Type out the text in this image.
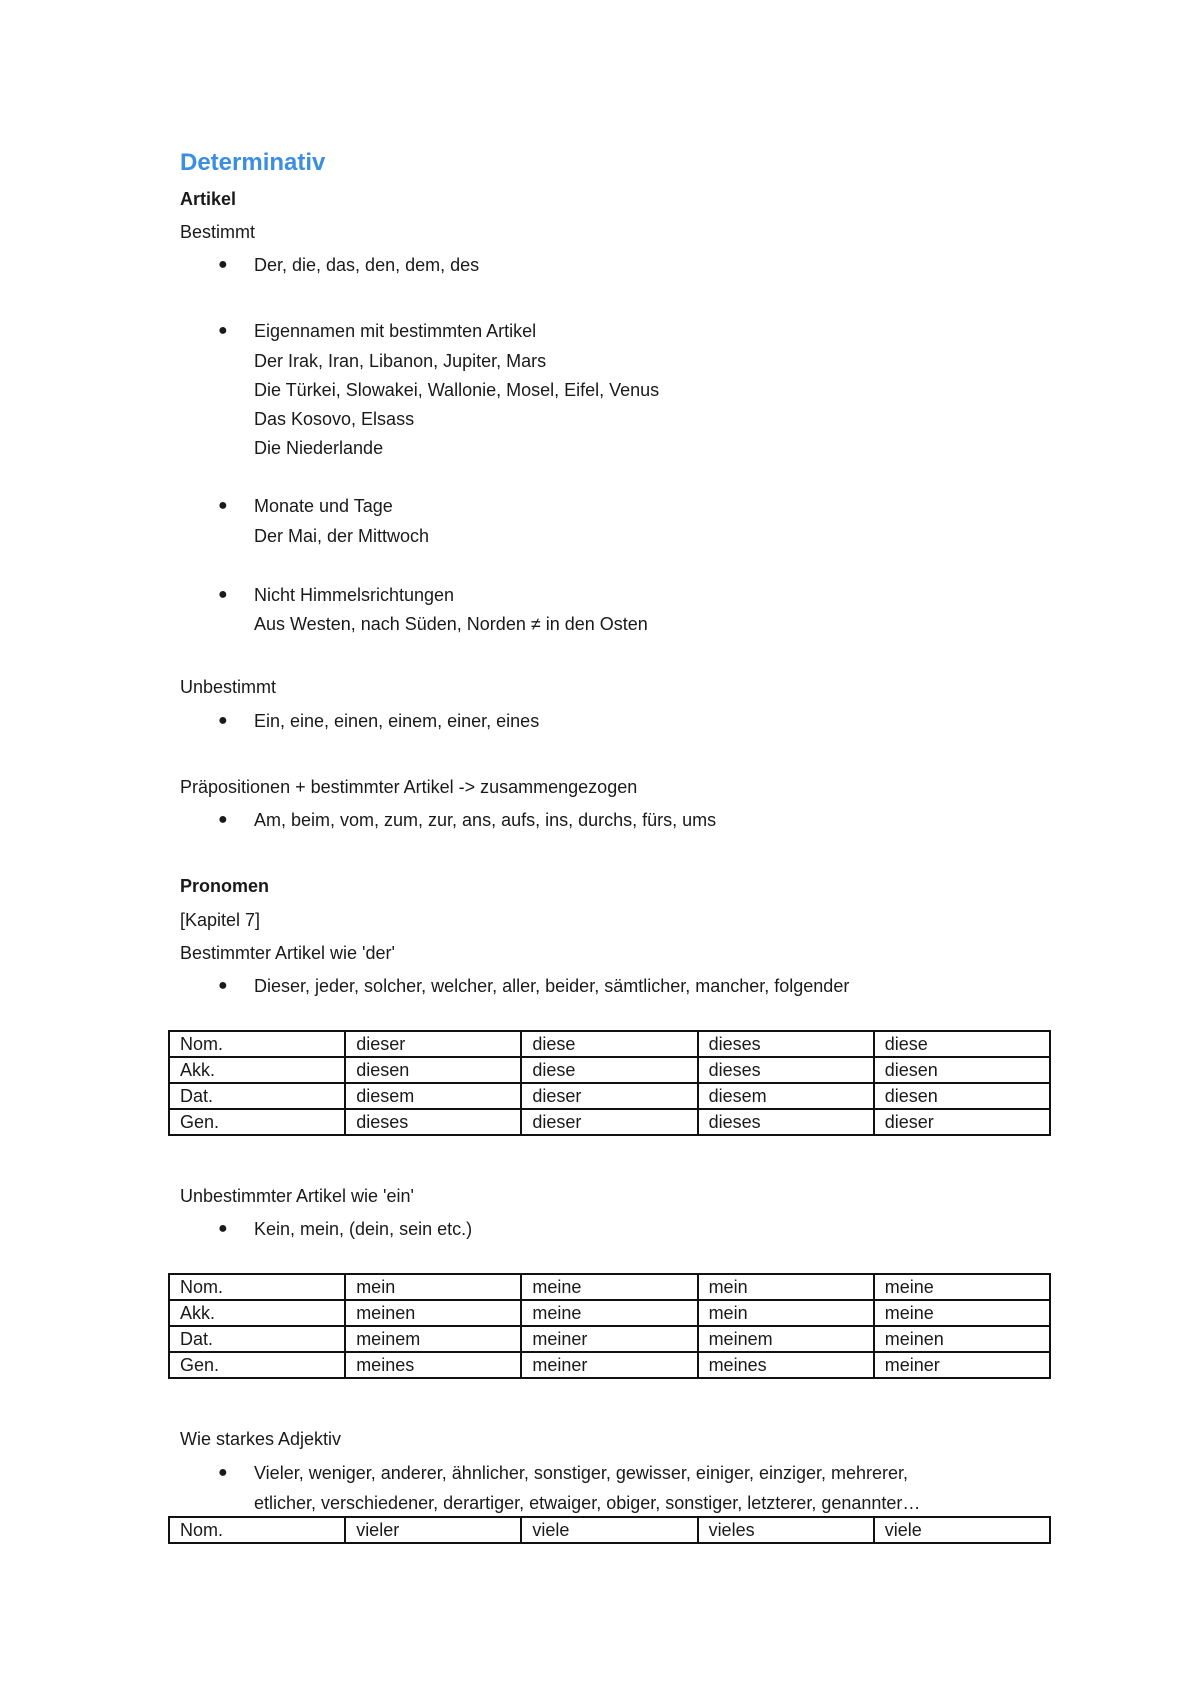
Determinativ
Artikel
Bestimmt
● Der, die, das, den, dem, des
● Eigennamen mit bestimmten Artikel
Der Irak, Iran, Libanon, Jupiter, Mars
Die Türkei, Slowakei, Wallonie, Mosel, Eifel, Venus
Das Kosovo, Elsass
Die Niederlande
● Monate und Tage
Der Mai, der Mittwoch
● Nicht Himmelsrichtungen
Aus Westen, nach Süden, Norden ≠ in den Osten
Unbestimmt
● Ein, eine, einen, einem, einer, eines
Präpositionen + bestimmter Artikel -> zusammengezogen
● Am, beim, vom, zum, zur, ans, aufs, ins, durchs, fürs, ums
Pronomen
[Kapitel 7]
Bestimmter Artikel wie 'der'
● Dieser, jeder, solcher, welcher, aller, beider, sämtlicher, mancher, folgender
Nom.	dieser	diese	dieses	diese
Akk.	diesen	diese	dieses	diesen
Dat.	diesem	dieser	diesem	diesen
Gen.	dieses	dieser	dieses	dieser
Unbestimmter Artikel wie 'ein'
● Kein, mein, (dein, sein etc.)
Nom.	mein	meine	mein	meine
Akk.	meinen	meine	mein	meine
Dat.	meinem	meiner	meinem	meinen
Gen.	meines	meiner	meines	meiner
Wie starkes Adjektiv
● Vieler, weniger, anderer, ähnlicher, sonstiger, gewisser, einiger, einziger, mehrerer,
etlicher, verschiedener, derartiger, etwaiger, obiger, sonstiger, letzterer, genannter…
Nom.	vieler	viele	vieles	viele
